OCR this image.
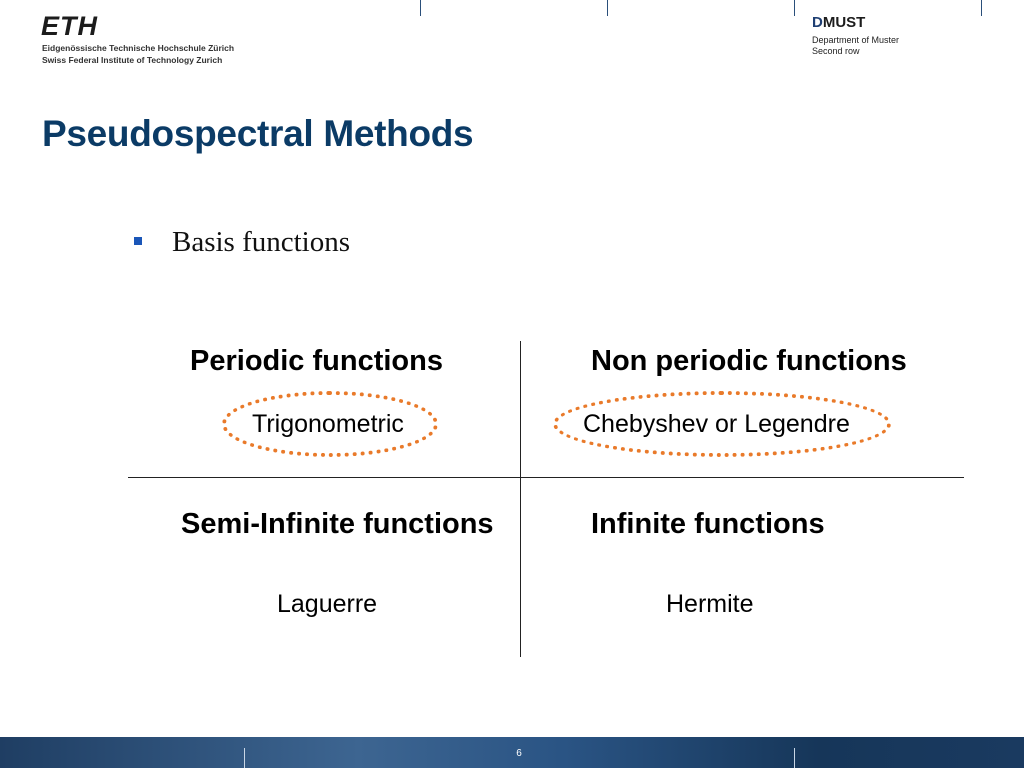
ETH
Eidgenössische Technische Hochschule Zürich
Swiss Federal Institute of Technology Zurich
DMUST
Department of Muster
Second row
Pseudospectral Methods
Basis functions
Periodic functions
Trigonometric
Non periodic functions
Chebyshev or Legendre
Semi-Infinite functions
Laguerre
Infinite functions
Hermite
6
